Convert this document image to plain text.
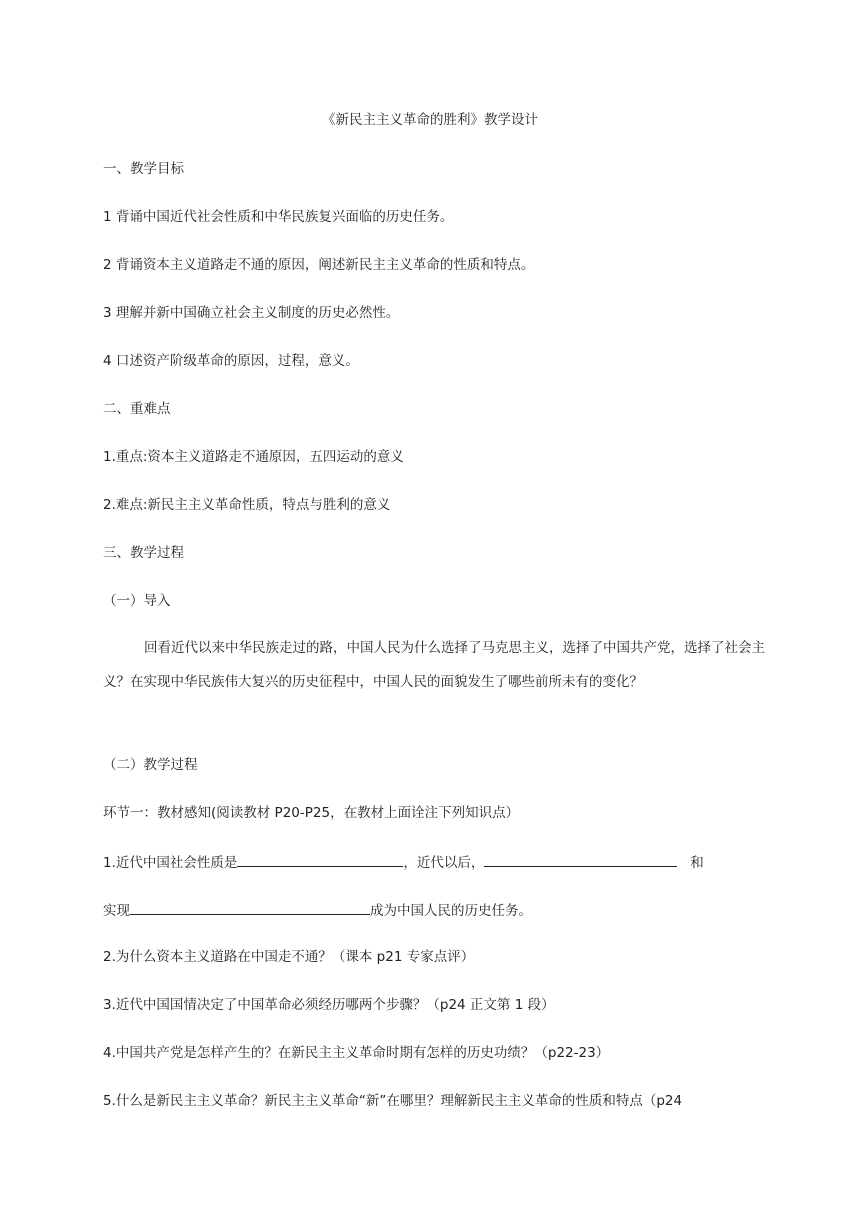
《新民主主义革命的胜利》教学设计
一、教学目标
1 背诵中国近代社会性质和中华民族复兴面临的历史任务。
2 背诵资本主义道路走不通的原因，阐述新民主主义革命的性质和特点。
3 理解并新中国确立社会主义制度的历史必然性。
4 口述资产阶级革命的原因，过程，意义。
二、重难点
1.重点:资本主义道路走不通原因，五四运动的意义
2.难点:新民主主义革命性质，特点与胜利的意义
三、教学过程
（一）导入
回看近代以来中华民族走过的路，中国人民为什么选择了马克思主义，选择了中国共产党，选择了社会主义？在实现中华民族伟大复兴的历史征程中，中国人民的面貌发生了哪些前所未有的变化？
（二）教学过程
环节一：教材感知(阅读教材 P20-P25，在教材上面诠注下列知识点）
1.近代中国社会性质是	，近代以后，	和
实现	成为中国人民的历史任务。
2.为什么资本主义道路在中国走不通？（课本 p21 专家点评）
3.近代中国国情决定了中国革命必须经历哪两个步骤？（p24 正文第 1 段）
4.中国共产党是怎样产生的？在新民主主义革命时期有怎样的历史功绩？（p22-23）
5.什么是新民主主义革命？新民主主义革命“新”在哪里？理解新民主主义革命的性质和特点（p24
